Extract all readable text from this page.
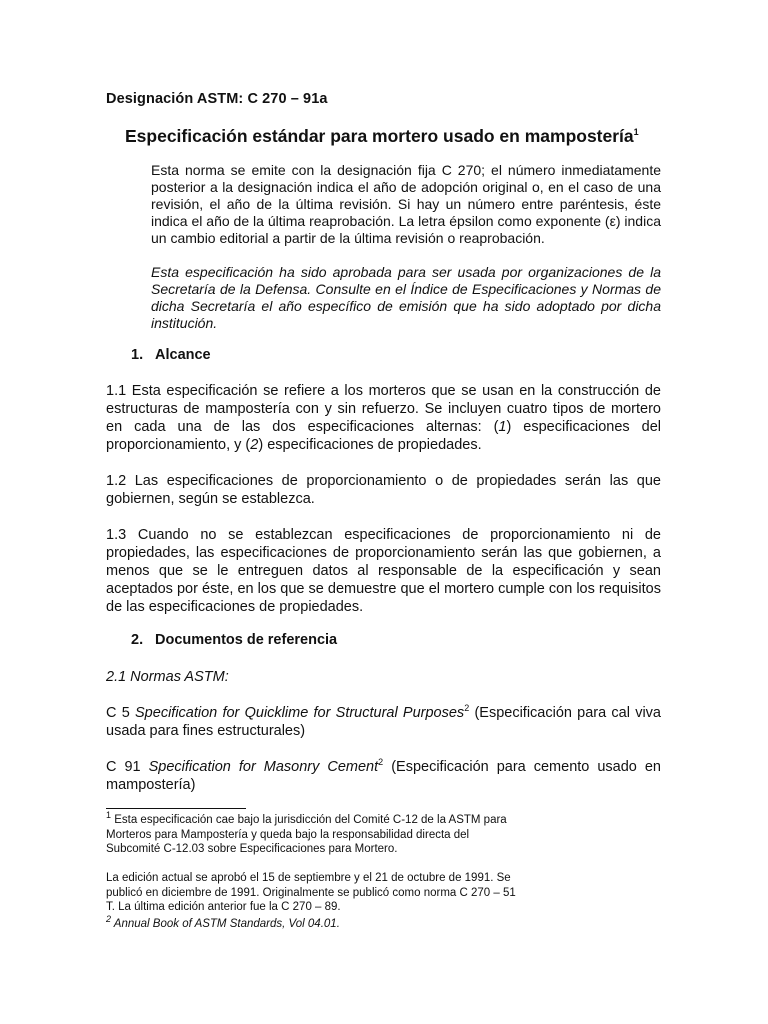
Designación ASTM: C 270 – 91a
Especificación estándar para mortero usado en mampostería$^1$

Esta norma se emite con la designación fija C 270; el número inmediatamente posterior a la designación indica el año de adopción original o, en el caso de una revisión, el año de la última revisión. Si hay un número entre paréntesis, éste indica el año de la última reaprobación. La letra épsilon como exponente (ε) indica un cambio editorial a partir de la última revisión o reaprobación.

Esta especificación ha sido aprobada para ser usada por organizaciones de la Secretaría de la Defensa. Consulte en el Índice de Especificaciones y Normas de dicha Secretaría el año específico de emisión que ha sido adoptado por dicha institución.

1. Alcance

1.1 Esta especificación se refiere a los morteros que se usan en la construcción de estructuras de mampostería con y sin refuerzo. Se incluyen cuatro tipos de mortero en cada una de las dos especificaciones alternas: (1) especificaciones del proporcionamiento, y (2) especificaciones de propiedades.

1.2 Las especificaciones de proporcionamiento o de propiedades serán las que gobiernen, según se establezca.

1.3 Cuando no se establezcan especificaciones de proporcionamiento ni de propiedades, las especificaciones de proporcionamiento serán las que gobiernen, a menos que se le entreguen datos al responsable de la especificación y sean aceptados por éste, en los que se demuestre que el mortero cumple con los requisitos de las especificaciones de propiedades.

2. Documentos de referencia

2.1 Normas ASTM:

C 5 Specification for Quicklime for Structural Purposes$^2$ (Especificación para cal viva usada para fines estructurales)

C 91 Specification for Masonry Cement$^2$ (Especificación para cemento usado en mampostería)

$^1$ Esta especificación cae bajo la jurisdicción del Comité C-12 de la ASTM para Morteros para Mampostería y queda bajo la responsabilidad directa del Subcomité C-12.03 sobre Especificaciones para Mortero.

La edición actual se aprobó el 15 de septiembre y el 21 de octubre de 1991. Se publicó en diciembre de 1991. Originalmente se publicó como norma C 270 – 51 T. La última edición anterior fue la C 270 – 89.

$^2$ Annual Book of ASTM Standards, Vol 04.01.
